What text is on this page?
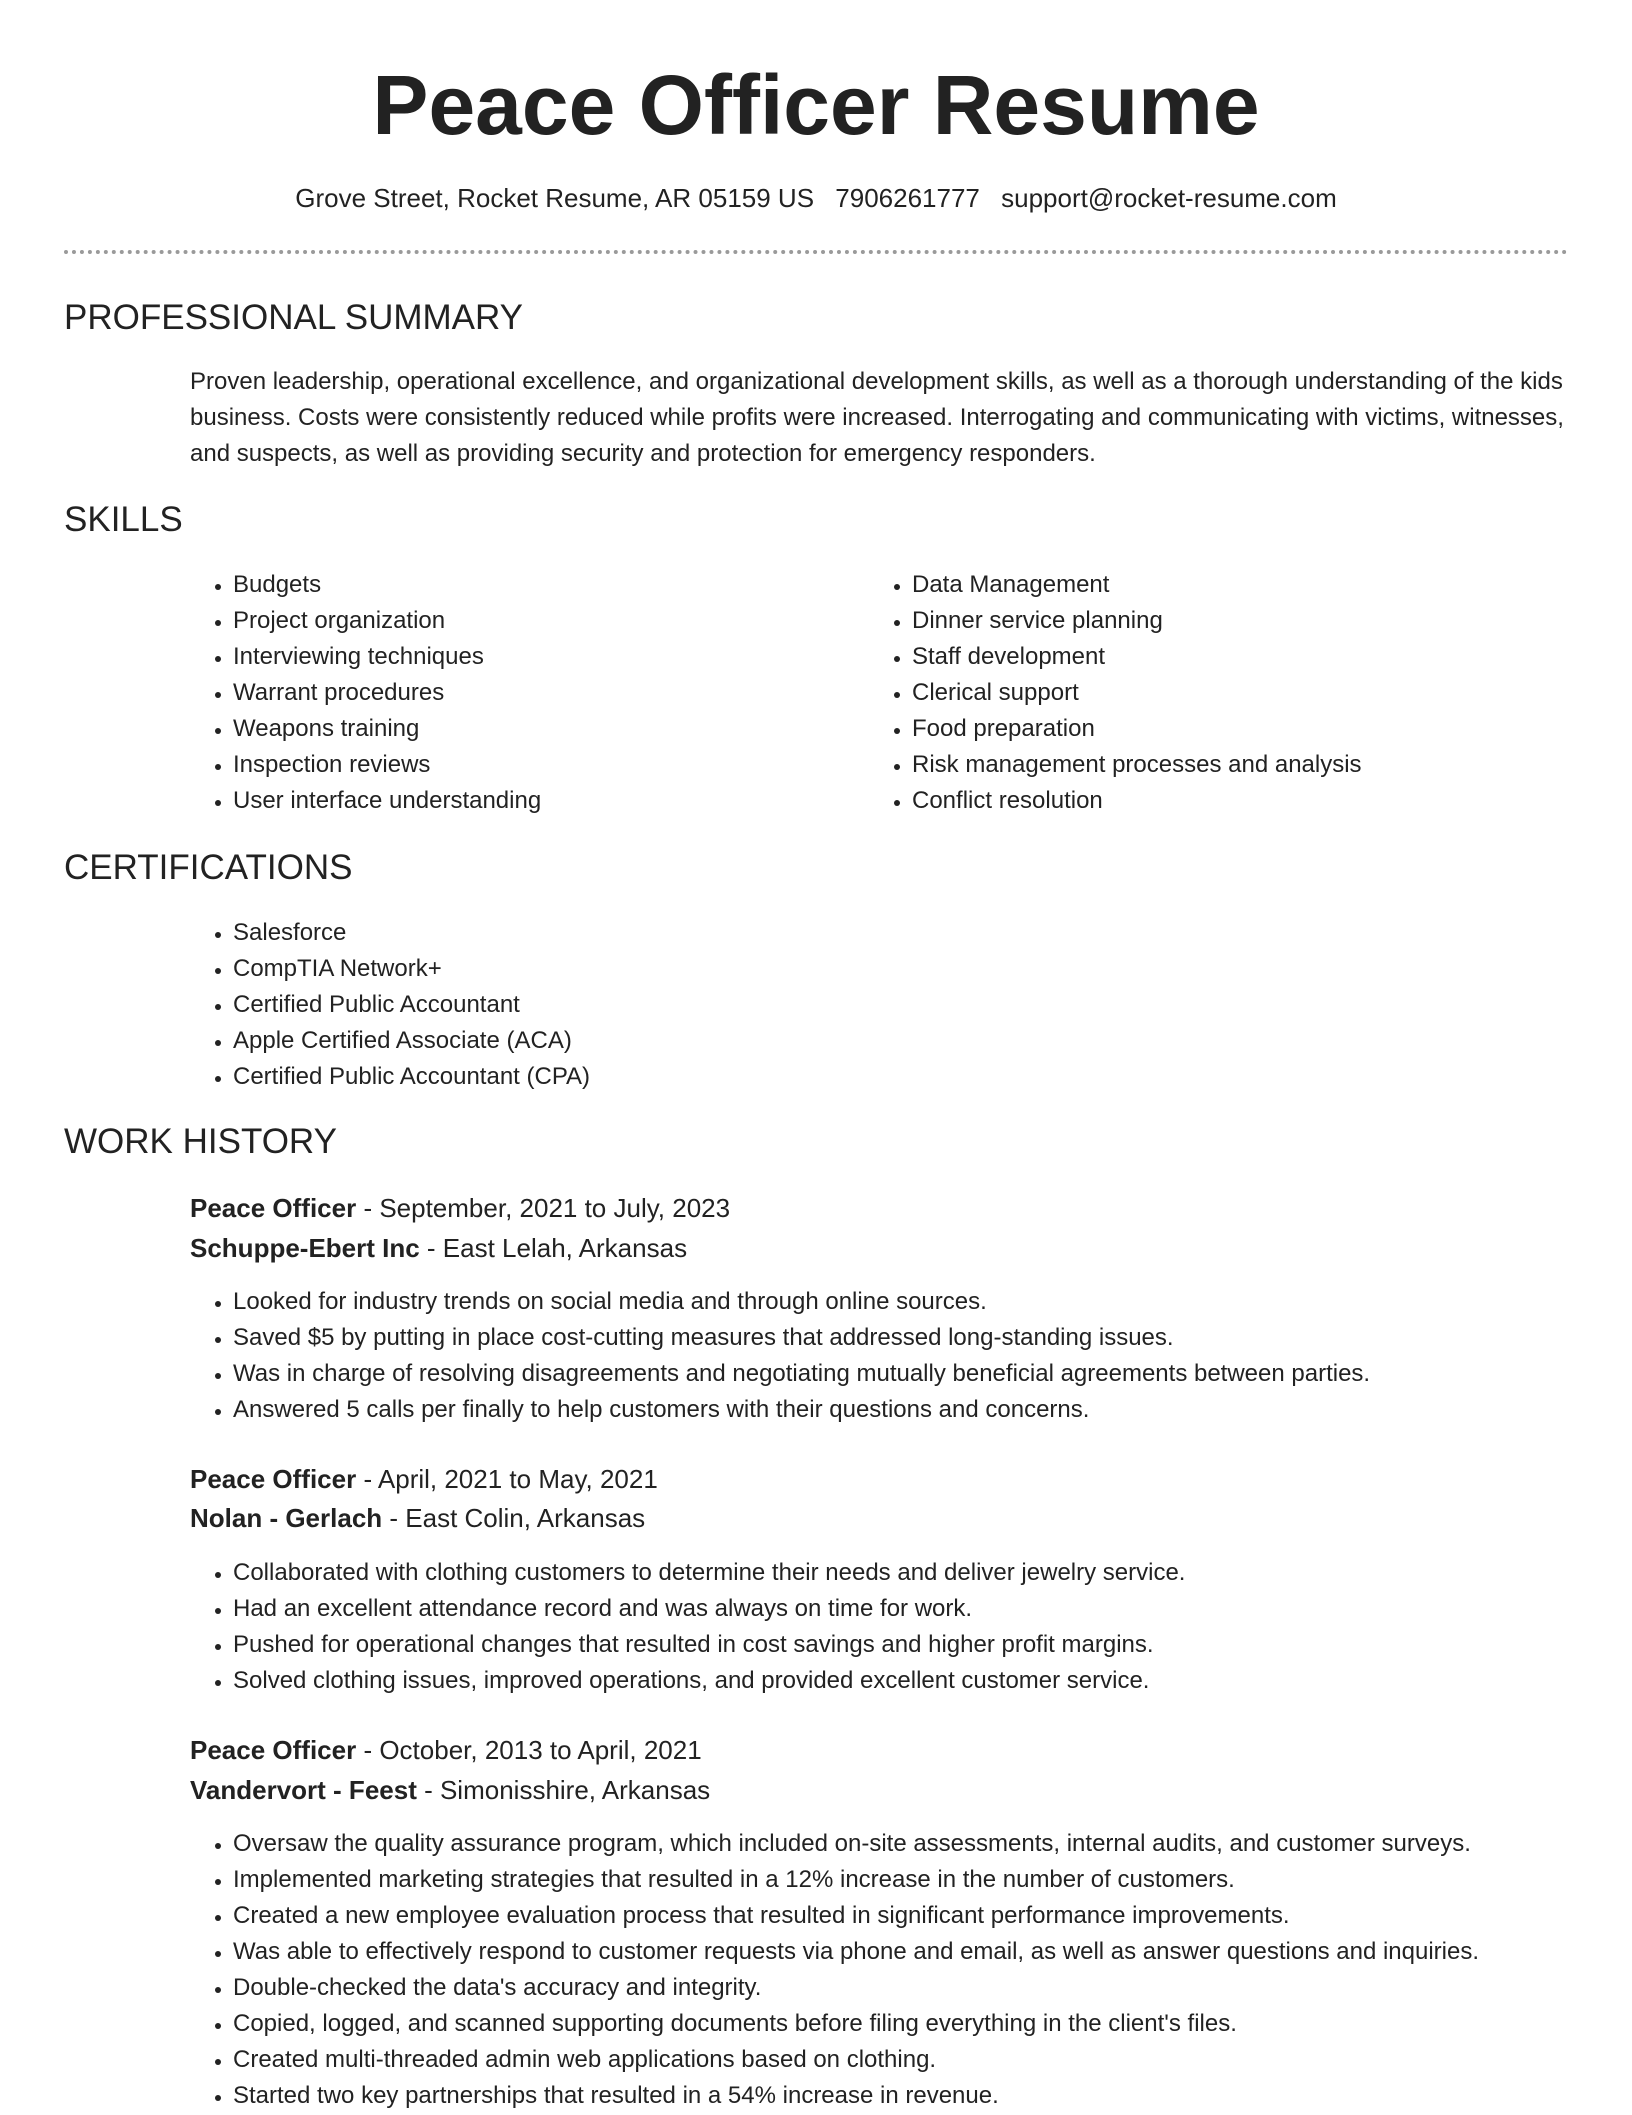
Peace Officer Resume
Grove Street, Rocket Resume, AR 05159 US 7906261777 support@rocket-resume.com
PROFESSIONAL SUMMARY

Proven leadership, operational excellence, and organizational development skills, as well as a thorough understanding of the kids business. Costs were consistently reduced while profits were increased. Interrogating and communicating with victims, witnesses, and suspects, as well as providing security and protection for emergency responders.

SKILLS
• Budgets
• Project organization
• Interviewing techniques
• Warrant procedures
• Weapons training
• Inspection reviews
• User interface understanding
• Data Management
• Dinner service planning
• Staff development
• Clerical support
• Food preparation
• Risk management processes and analysis
• Conflict resolution
CERTIFICATIONS
• Salesforce
• CompTIA Network+
• Certified Public Accountant
• Apple Certified Associate (ACA)
• Certified Public Accountant (CPA)
WORK HISTORY
Peace Officer - September, 2021 to July, 2023
Schuppe-Ebert Inc - East Lelah, Arkansas
• Looked for industry trends on social media and through online sources.
• Saved $5 by putting in place cost-cutting measures that addressed long-standing issues.
• Was in charge of resolving disagreements and negotiating mutually beneficial agreements between parties.
• Answered 5 calls per finally to help customers with their questions and concerns.
Peace Officer - April, 2021 to May, 2021
Nolan - Gerlach - East Colin, Arkansas
• Collaborated with clothing customers to determine their needs and deliver jewelry service.
• Had an excellent attendance record and was always on time for work.
• Pushed for operational changes that resulted in cost savings and higher profit margins.
• Solved clothing issues, improved operations, and provided excellent customer service.
Peace Officer - October, 2013 to April, 2021
Vandervort - Feest - Simonisshire, Arkansas
• Oversaw the quality assurance program, which included on-site assessments, internal audits, and customer surveys.
• Implemented marketing strategies that resulted in a 12% increase in the number of customers.
• Created a new employee evaluation process that resulted in significant performance improvements.
• Was able to effectively respond to customer requests via phone and email, as well as answer questions and inquiries.
• Double-checked the data's accuracy and integrity.
• Copied, logged, and scanned supporting documents before filing everything in the client's files.
• Created multi-threaded admin web applications based on clothing.
• Started two key partnerships that resulted in a 54% increase in revenue.
